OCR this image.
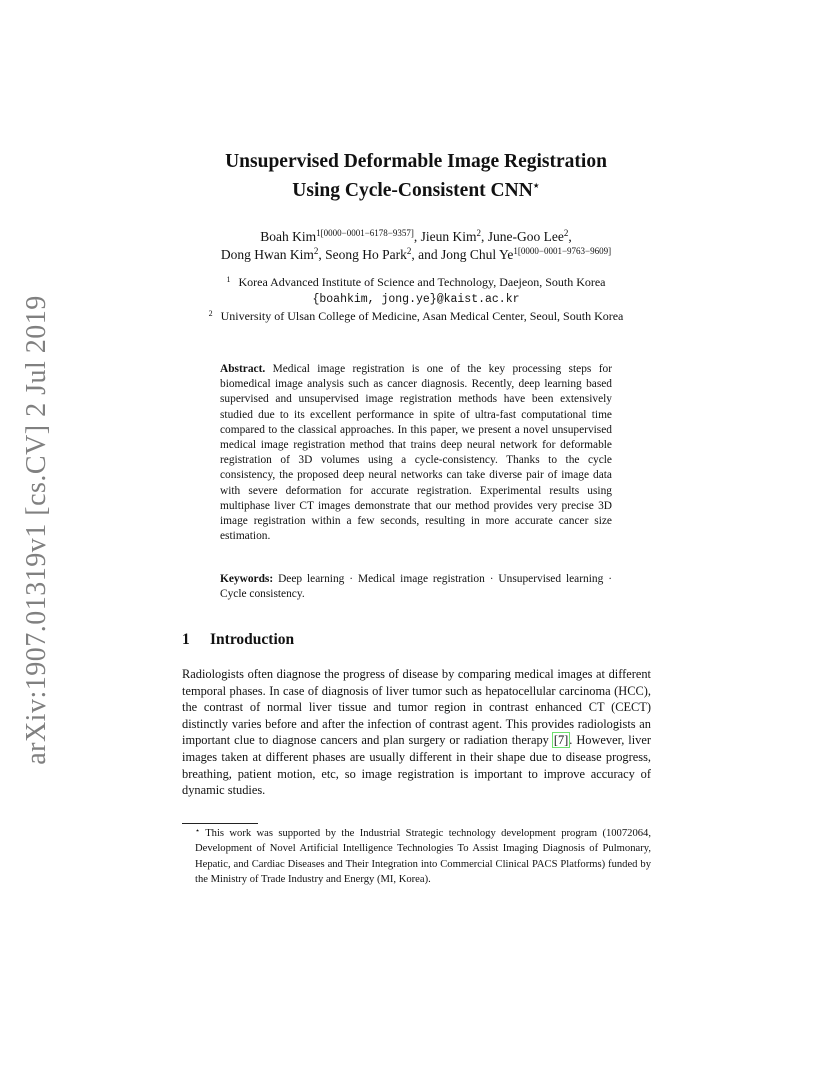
arXiv:1907.01319v1 [cs.CV] 2 Jul 2019
Unsupervised Deformable Image Registration
Using Cycle-Consistent CNN⋆
Boah Kim$^{1[0000-0001-6178-9357]}$, Jieun Kim$^2$, June-Goo Lee$^2$,
Dong Hwan Kim$^2$, Seong Ho Park$^2$, and Jong Chul $Ye^{1[0000-0001-9763-9609]}$
$^1$ Korea Advanced Institute of Science and Technology, Daejeon, South Korea
{boahkim, jong.ye}@kaist.ac.kr
$^2$ University of Ulsan College of Medicine, Asan Medical Center, Seoul, South Korea
Abstract. Medical image registration is one of the key processing steps for biomedical image analysis such as cancer diagnosis. Recently, deep learning based supervised and unsupervised image registration methods have been extensively studied due to its excellent performance in spite of ultra-fast computational time compared to the classical approaches. In this paper, we present a novel unsupervised medical image registration method that trains deep neural network for deformable registration of 3D volumes using a cycle-consistency. Thanks to the cycle consistency, the proposed deep neural networks can take diverse pair of image data with severe deformation for accurate registration. Experimental results using multiphase liver CT images demonstrate that our method provides very precise 3D image registration within a few seconds, resulting in more accurate cancer size estimation.
Keywords: Deep learning · Medical image registration · Unsupervised learning · Cycle consistency.
1 Introduction
Radiologists often diagnose the progress of disease by comparing medical images at different temporal phases. In case of diagnosis of liver tumor such as hepatocellular carcinoma (HCC), the contrast of normal liver tissue and tumor region in contrast enhanced CT (CECT) distinctly varies before and after the infection of contrast agent. This provides radiologists an important clue to diagnose cancers and plan surgery or radiation therapy [7]. However, liver images taken at different phases are usually different in their shape due to disease progress, breathing, patient motion, etc, so image registration is important to improve accuracy of dynamic studies.
⋆ This work was supported by the Industrial Strategic technology development program (10072064, Development of Novel Artificial Intelligence Technologies To Assist Imaging Diagnosis of Pulmonary, Hepatic, and Cardiac Diseases and Their Integration into Commercial Clinical PACS Platforms) funded by the Ministry of Trade Industry and Energy (MI, Korea).
